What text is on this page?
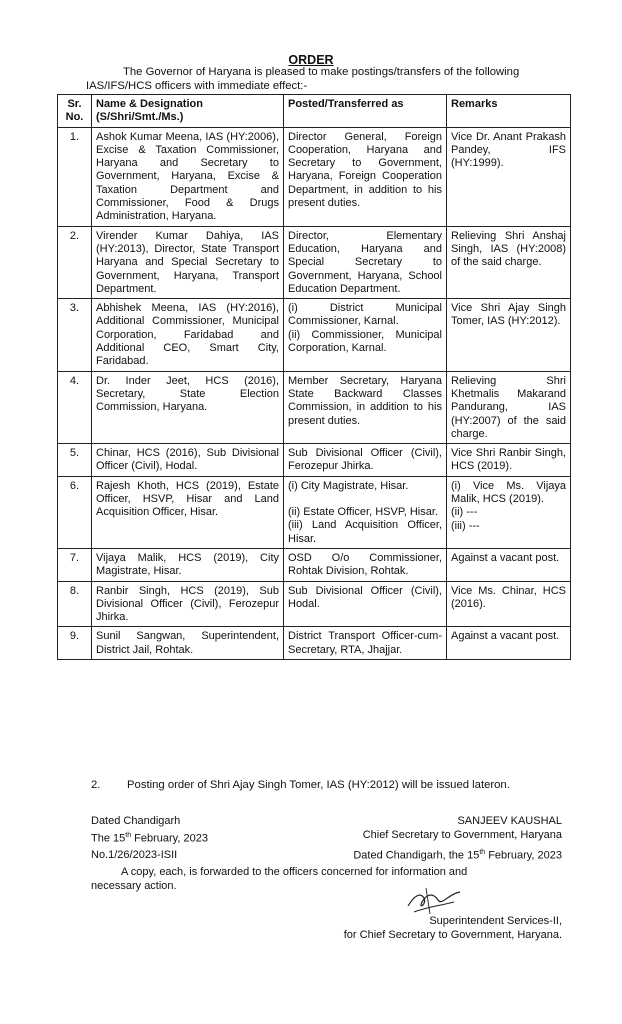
ORDER
The Governor of Haryana is pleased to make postings/transfers of the following
IAS/IFS/HCS officers with immediate effect:-
Sr. No.	Name & Designation (S/Shri/Smt./Ms.)	Posted/Transferred as	Remarks
1.	Ashok Kumar Meena, IAS (HY:2006), Excise & Taxation Commissioner, Haryana and Secretary to Government, Haryana, Excise & Taxation Department and Commissioner, Food & Drugs Administration, Haryana.	Director General, Foreign Cooperation, Haryana and Secretary to Government, Haryana, Foreign Cooperation Department, in addition to his present duties.	Vice Dr. Anant Prakash Pandey, IFS (HY:1999).
2.	Virender Kumar Dahiya, IAS (HY:2013), Director, State Transport Haryana and Special Secretary to Government, Haryana, Transport Department.	Director, Elementary Education, Haryana and Special Secretary to Government, Haryana, School Education Department.	Relieving Shri Anshaj Singh, IAS (HY:2008) of the said charge.
3.	Abhishek Meena, IAS (HY:2016), Additional Commissioner, Municipal Corporation, Faridabad and Additional CEO, Smart City, Faridabad.	(i) District Municipal Commissioner, Karnal.
(ii) Commissioner, Municipal Corporation, Karnal.	Vice Shri Ajay Singh Tomer, IAS (HY:2012).
4.	Dr. Inder Jeet, HCS (2016), Secretary, State Election Commission, Haryana.	Member Secretary, Haryana State Backward Classes Commission, in addition to his present duties.	Relieving Shri Khetmalis Makarand Pandurang, IAS (HY:2007) of the said charge.
5.	Chinar, HCS (2016), Sub Divisional Officer (Civil), Hodal.	Sub Divisional Officer (Civil), Ferozepur Jhirka.	Vice Shri Ranbir Singh, HCS (2019).
6.	Rajesh Khoth, HCS (2019), Estate Officer, HSVP, Hisar and Land Acquisition Officer, Hisar.	(i) City Magistrate, Hisar.
(ii) Estate Officer, HSVP, Hisar.
(iii) Land Acquisition Officer, Hisar.	(i) Vice Ms. Vijaya Malik, HCS (2019).
(ii) ---
(iii) ---

7.	Vijaya Malik, HCS (2019), City Magistrate, Hisar.	OSD O/o Commissioner, Rohtak Division, Rohtak.	Against a vacant post.
8.	Ranbir Singh, HCS (2019), Sub Divisional Officer (Civil), Ferozepur Jhirka.	Sub Divisional Officer (Civil), Hodal.	Vice Ms. Chinar, HCS (2016).
9.	Sunil Sangwan, Superintendent, District Jail, Rohtak.	District Transport Officer-cum-Secretary, RTA, Jhajjar.	Against a vacant post.
2. Posting order of Shri Ajay Singh Tomer, IAS (HY:2012) will be issued lateron.
Dated Chandigarh
The 15th February, 2023
SANJEEV KAUSHAL
Chief Secretary to Government, Haryana
No.1/26/2023-ISII	Dated Chandigarh, the 15th February, 2023
A copy, each, is forwarded to the officers concerned for information and
necessary action.
Superintendent Services-II,
for Chief Secretary to Government, Haryana.
